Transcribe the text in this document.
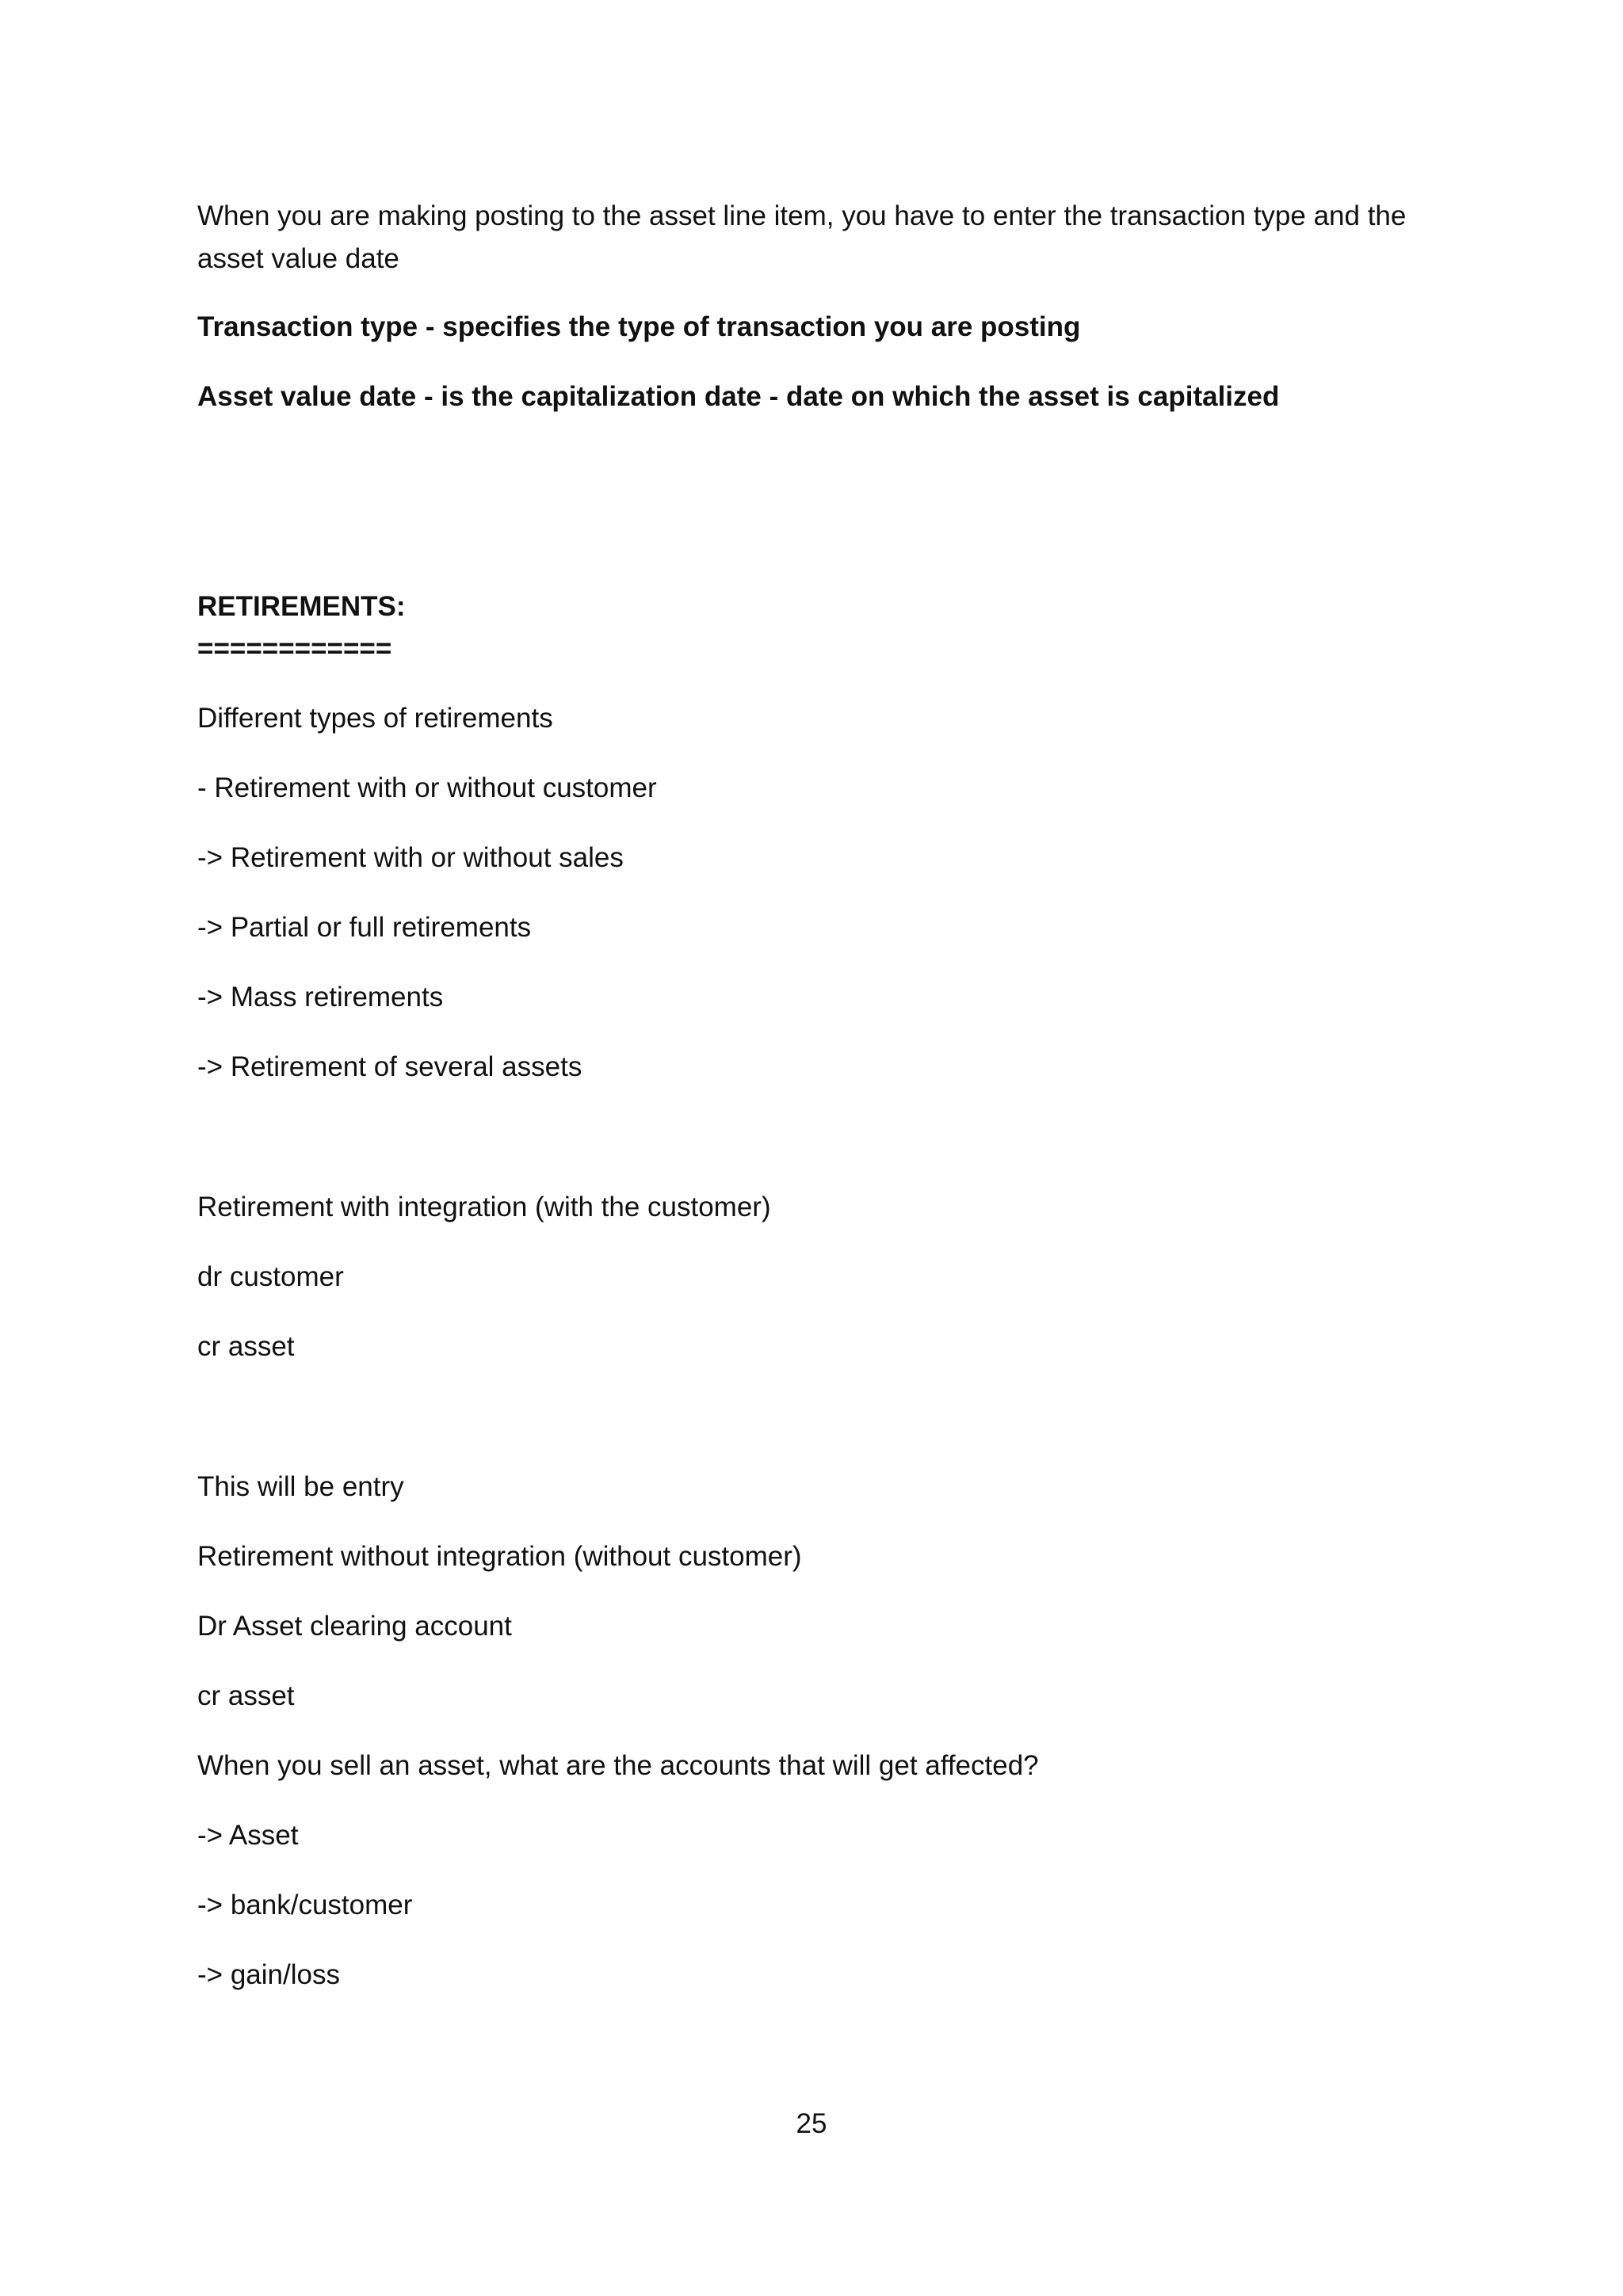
When you are making posting to the asset line item, you have to enter the transaction type and the asset value date
Transaction type - specifies the type of transaction you are posting
Asset value date - is the capitalization date - date on which the asset is capitalized
RETIREMENTS:
============
Different types of retirements
- Retirement with or without customer
-> Retirement with or without sales
-> Partial or full retirements
-> Mass retirements
-> Retirement of several assets
Retirement with integration (with the customer)
dr customer
cr asset
This will be entry
Retirement without integration (without customer)
Dr Asset clearing account
cr asset
When you sell an asset, what are the accounts that will get affected?
-> Asset
-> bank/customer
-> gain/loss
25
